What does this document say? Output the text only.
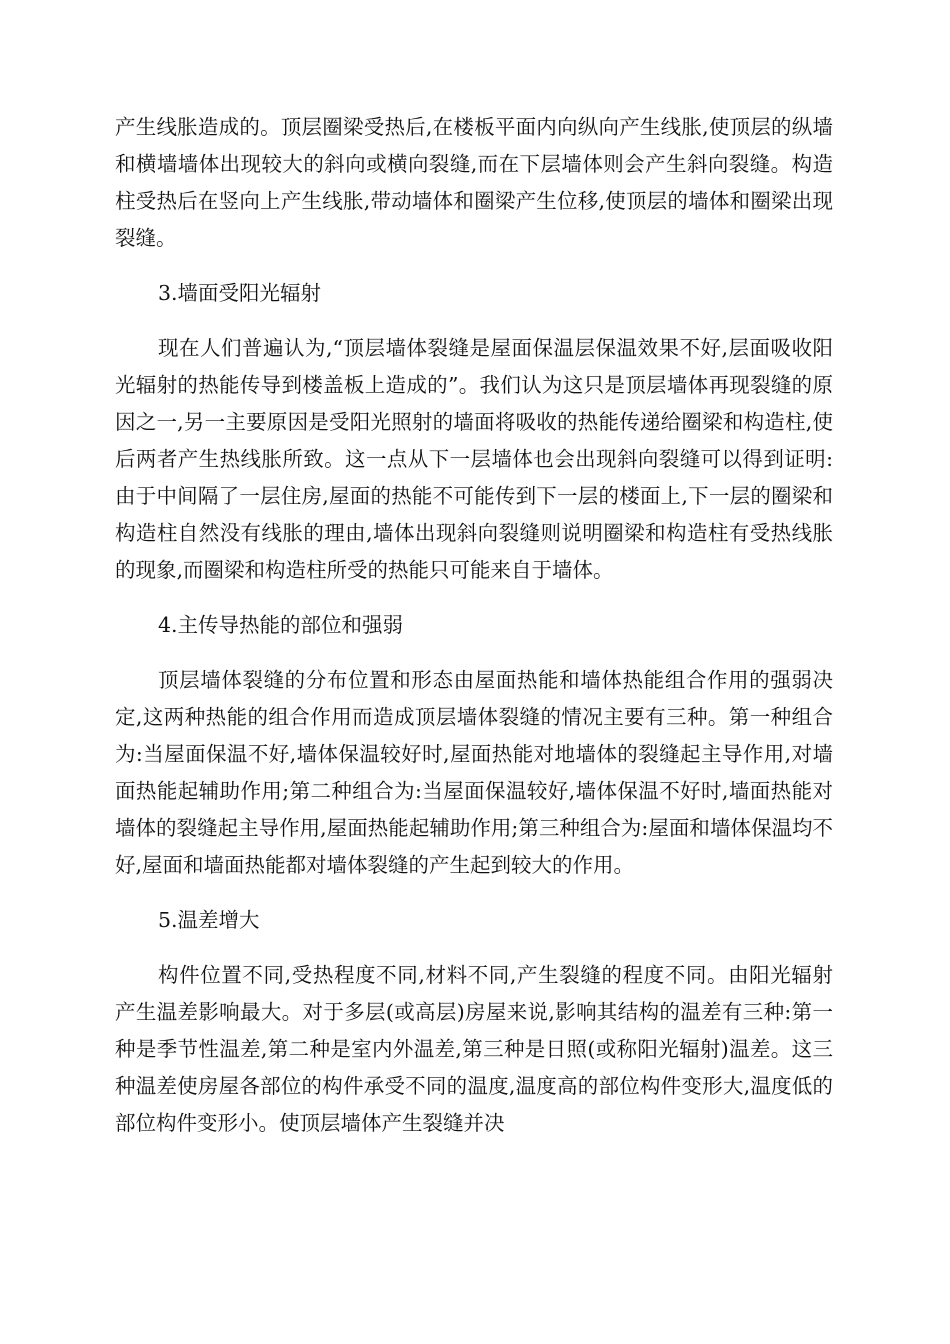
产生线胀造成的。顶层圈梁受热后,在楼板平面内向纵向产生线胀,使顶层的纵墙和横墙墙体出现较大的斜向或横向裂缝,而在下层墙体则会产生斜向裂缝。构造柱受热后在竖向上产生线胀,带动墙体和圈梁产生位移,使顶层的墙体和圈梁出现裂缝。

3.墙面受阳光辐射

现在人们普遍认为,“顶层墙体裂缝是屋面保温层保温效果不好,层面吸收阳光辐射的热能传导到楼盖板上造成的”。我们认为这只是顶层墙体再现裂缝的原因之一,另一主要原因是受阳光照射的墙面将吸收的热能传递给圈梁和构造柱,使后两者产生热线胀所致。这一点从下一层墙体也会出现斜向裂缝可以得到证明:由于中间隔了一层住房,屋面的热能不可能传到下一层的楼面上,下一层的圈梁和构造柱自然没有线胀的理由,墙体出现斜向裂缝则说明圈梁和构造柱有受热线胀的现象,而圈梁和构造柱所受的热能只可能来自于墙体。

4.主传导热能的部位和强弱

顶层墙体裂缝的分布位置和形态由屋面热能和墙体热能组合作用的强弱决定,这两种热能的组合作用而造成顶层墙体裂缝的情况主要有三种。第一种组合为:当屋面保温不好,墙体保温较好时,屋面热能对地墙体的裂缝起主导作用,对墙面热能起辅助作用;第二种组合为:当屋面保温较好,墙体保温不好时,墙面热能对墙体的裂缝起主导作用,屋面热能起辅助作用;第三种组合为:屋面和墙体保温均不好,屋面和墙面热能都对墙体裂缝的产生起到较大的作用。

5.温差增大

构件位置不同,受热程度不同,材料不同,产生裂缝的程度不同。由阳光辐射产生温差影响最大。对于多层(或高层)房屋来说,影响其结构的温差有三种:第一种是季节性温差,第二种是室内外温差,第三种是日照(或称阳光辐射)温差。这三种温差使房屋各部位的构件承受不同的温度,温度高的部位构件变形大,温度低的部位构件变形小。使顶层墙体产生裂缝并决
